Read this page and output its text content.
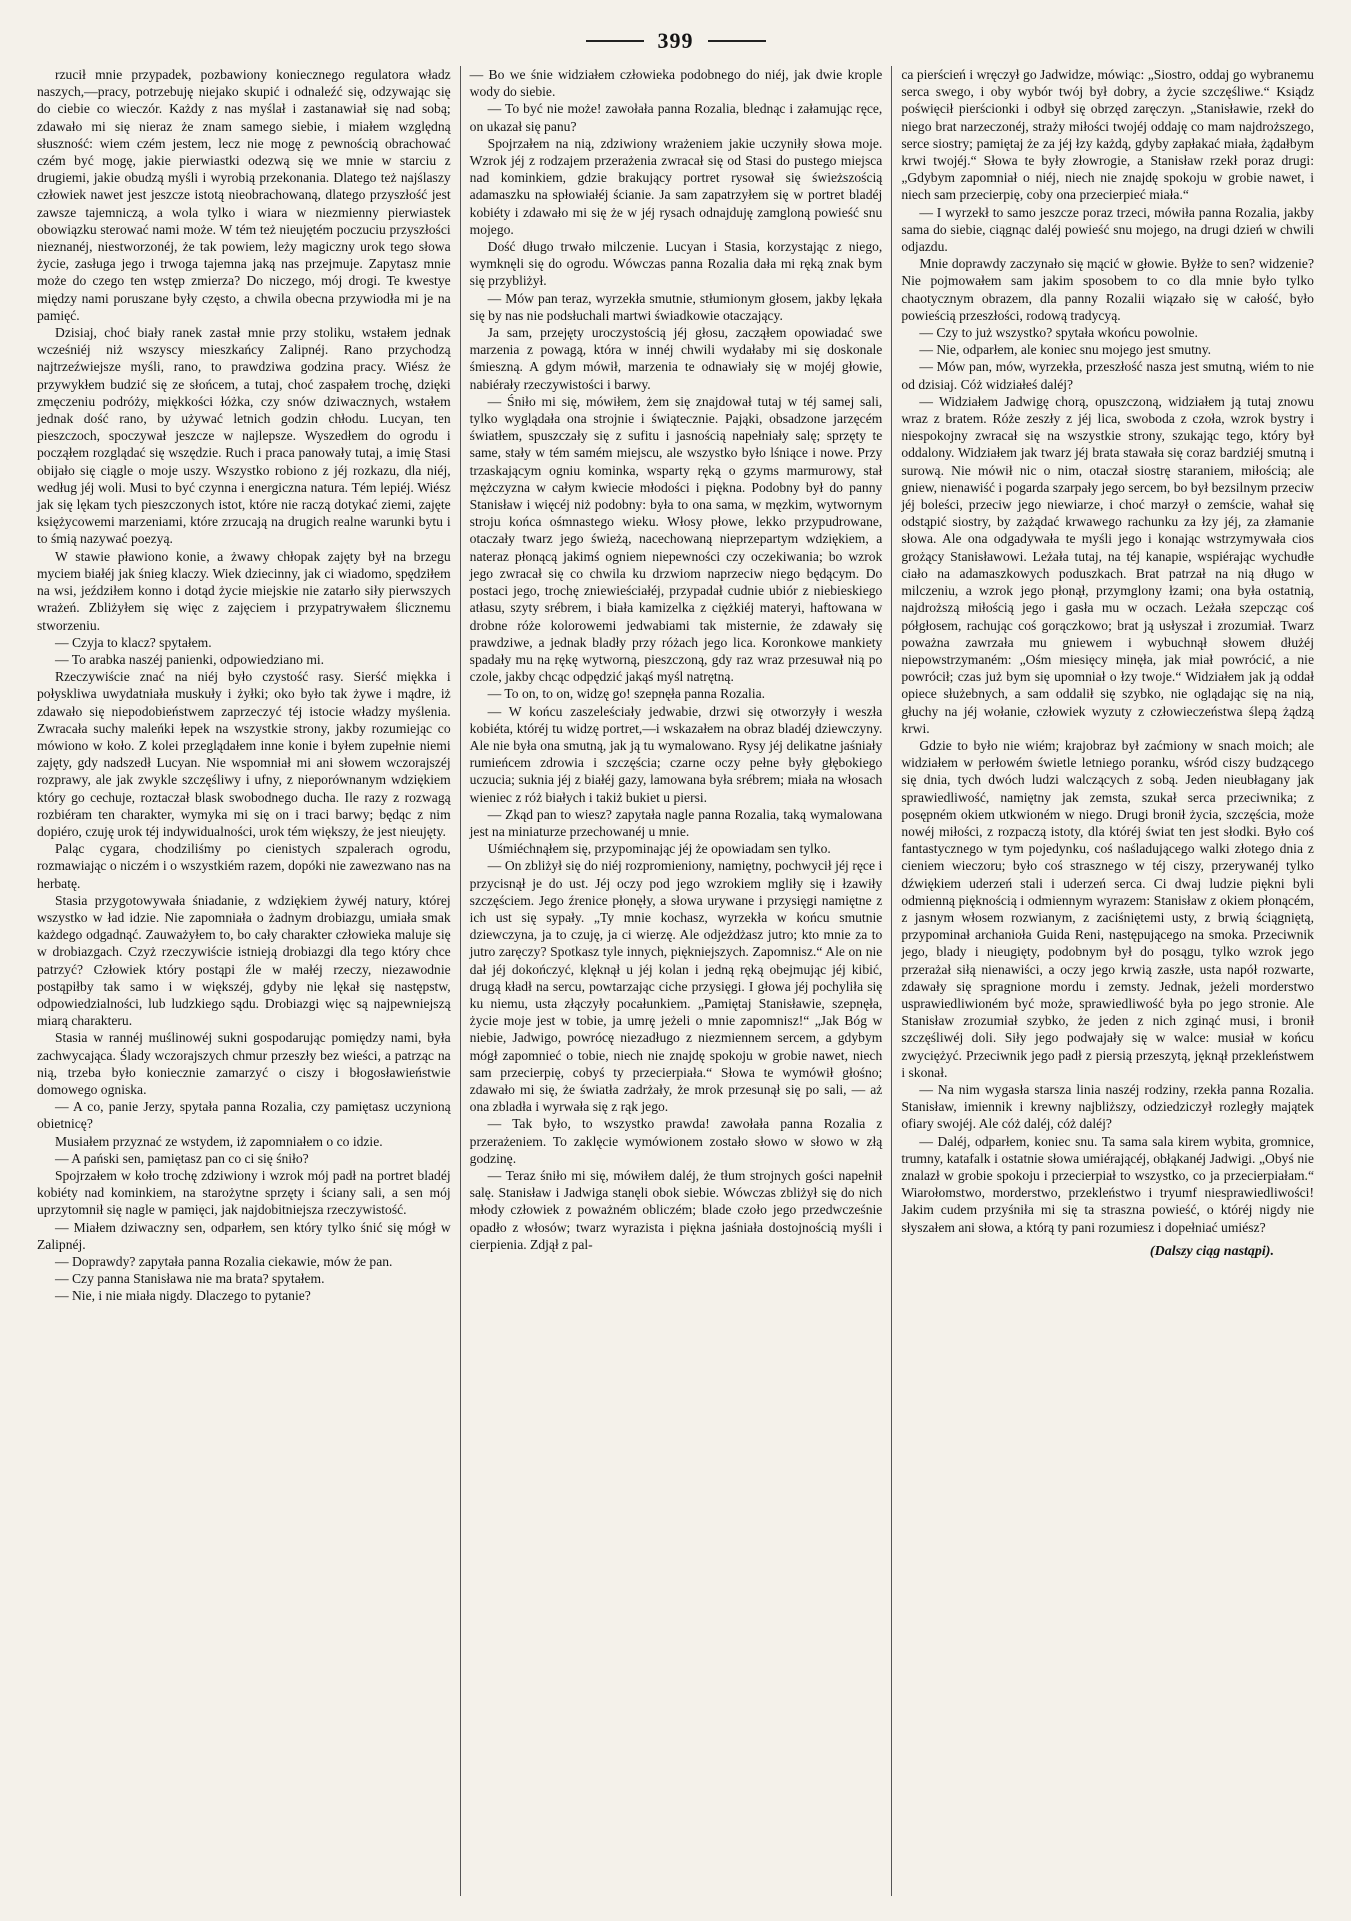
399

rzucił mnie przypadek, pozbawiony koniecznego regulatora władz naszych,—pracy, potrzebuję niejako skupić i odnaleźć się, odzywając się do ciebie co wieczór. Każdy z nas myślał i zastanawiał się nad sobą; zdawało mi się nieraz że znam samego siebie, i miałem względną słuszność: wiem czém jestem, lecz nie mogę z pewnością obrachować czém być mogę, jakie pierwiastki odezwą się we mnie w starciu z drugiemi, jakie obudzą myśli i wyrobią przekonania. Dlatego też najślaszy człowiek nawet jest jeszcze istotą nieobrachowaną, dlatego przyszłość jest zawsze tajemniczą, a wola tylko i wiara w niezmienny pierwiastek obowiązku sterować nami może. W tém też nieujętém poczuciu przyszłości nieznanéj, niestworzonéj, że tak powiem, leży magiczny urok tego słowa życie, zasługa jego i trwoga tajemna jaką nas przejmuje. Zapytasz mnie może do czego ten wstęp zmierza? Do niczego, mój drogi. Te kwestye między nami poruszane były często, a chwila obecna przywiodła mi je na pamięć.

Dzisiaj, choć biały ranek zastał mnie przy stoliku, wstałem jednak wcześniéj niż wszyscy mieszkańcy Zalipnéj. Rano przychodzą najtrzeźwiejsze myśli, rano, to prawdziwa godzina pracy. Wiész że przywykłem budzić się ze słońcem, a tutaj, choć zaspałem trochę, dzięki zmęczeniu podróży, miękkości łóżka, czy snów dziwacznych, wstałem jednak dość rano, by używać letnich godzin chłodu. Lucyan, ten pieszczoch, spoczywał jeszcze w najlepsze. Wyszedłem do ogrodu i począłem rozglądać się wszędzie. Ruch i praca panowały tutaj, a imię Stasi obijało się ciągle o moje uszy. Wszystko robiono z jéj rozkazu, dla niéj, według jéj woli. Musi to być czynna i energiczna natura. Tém lepiéj. Wiész jak się lękam tych pieszczonych istot, które nie raczą dotykać ziemi, zajęte księżycowemi marzeniami, które zrzucają na drugich realne warunki bytu i to śmią nazywać poezyą.

W stawie pławiono konie, a żwawy chłopak zajęty był na brzegu myciem białéj jak śnieg klaczy. Wiek dziecinny, jak ci wiadomo, spędziłem na wsi, jeździłem konno i dotąd życie miejskie nie zatarło siły pierwszych wrażeń. Zbliżyłem się więc z zajęciem i przypatrywałem ślicznemu stworzeniu.

— Czyja to klacz? spytałem.

— To arabka naszéj panienki, odpowiedziano mi.

Rzeczywiście znać na niéj było czystość rasy. Sierść miękka i połyskliwa uwydatniała muskuły i żyłki; oko było tak żywe i mądre, iż zdawało się niepodobieństwem zaprzeczyć téj istocie władzy myślenia. Zwracała suchy maleńki łepek na wszystkie strony, jakby rozumiejąc co mówiono w koło. Z kolei przeglądałem inne konie i byłem zupełnie niemi zajęty, gdy nadszedł Lucyan. Nie wspomniał mi ani słowem wczorajszéj rozprawy, ale jak zwykle szczęśliwy i ufny, z nieporównanym wdziękiem który go cechuje, roztaczał blask swobodnego ducha. Ile razy z rozwagą rozbiéram ten charakter, wymyka mi się on i traci barwy; będąc z nim dopiéro, czuję urok téj indywidualności, urok tém większy, że jest nieujęty.

Paląc cygara, chodziliśmy po cienistych szpalerach ogrodu, rozmawiając o niczém i o wszystkiém razem, dopóki nie zawezwano nas na herbatę.

Stasia przygotowywała śniadanie, z wdziękiem żywéj natury, której wszystko w ład idzie. Nie zapomniała o żadnym drobiazgu, umiała smak każdego odgadnąć. Zauważyłem to, bo cały charakter człowieka maluje się w drobiazgach. Czyż rzeczywiście istnieją drobiazgi dla tego który chce patrzyć? Człowiek który postąpi źle w małéj rzeczy, niezawodnie postąpiłby tak samo i w większéj, gdyby nie lękał się następstw, odpowiedzialności, lub ludzkiego sądu. Drobiazgi więc są najpewniejszą miarą charakteru.

Stasia w rannéj muślinowéj sukni gospodarując pomiędzy nami, była zachwycająca. Ślady wczorajszych chmur przeszły bez wieści, a patrząc na nią, trzeba było koniecznie zamarzyć o ciszy i błogosławieństwie domowego ogniska.

— A co, panie Jerzy, spytała panna Rozalia, czy pamiętasz uczynioną obietnicę?

Musiałem przyznać ze wstydem, iż zapomniałem o co idzie.

— A pański sen, pamiętasz pan co ci się śniło?

Spojrzałem w koło trochę zdziwiony i wzrok mój padł na portret bladéj kobiéty nad kominkiem, na starożytne sprzęty i ściany sali, a sen mój uprzytomnił się nagle w pamięci, jak najdobitniejsza rzeczywistość.

— Miałem dziwaczny sen, odparłem, sen który tylko śnić się mógł w Zalipnéj.

— Doprawdy? zapytała panna Rozalia ciekawie, mów że pan.

— Czy panna Stanisława nie ma brata? spytałem.

— Nie, i nie miała nigdy. Dlaczego to pytanie?

— Bo we śnie widziałem człowieka podobnego do niéj, jak dwie krople wody do siebie.

— To być nie może! zawołała panna Rozalia, blednąc i załamując ręce, on ukazał się panu?

Spojrzałem na nią, zdziwiony wrażeniem jakie uczyniły słowa moje. Wzrok jéj z rodzajem przerażenia zwracał się od Stasi do pustego miejsca nad kominkiem, gdzie brakujący portret rysował się świeższością adamaszku na spłowiałéj ścianie. Ja sam zapatrzyłem się w portret bladéj kobiéty i zdawało mi się że w jéj rysach odnajduję zamgloną powieść snu mojego.

Dość długo trwało milczenie. Lucyan i Stasia, korzystając z niego, wymknęli się do ogrodu. Wówczas panna Rozalia dała mi ręką znak bym się przybliżył.

— Mów pan teraz, wyrzekła smutnie, stłumionym głosem, jakby lękała się by nas nie podsłuchali martwi świadkowie otaczający.

Ja sam, przejęty uroczystością jéj głosu, zacząłem opowiadać swe marzenia z powagą, która w innéj chwili wydałaby mi się doskonale śmieszną. A gdym mówił, marzenia te odnawiały się w mojéj głowie, nabiérały rzeczywistości i barwy.

— Śniło mi się, mówiłem, żem się znajdował tutaj w téj samej sali, tylko wyglądała ona strojnie i świątecznie. Pająki, obsadzone jarzęcém światłem, spuszczały się z sufitu i jasnością napełniały salę; sprzęty te same, stały w tém samém miejscu, ale wszystko było lśniące i nowe. Przy trzaskającym ogniu kominka, wsparty ręką o gzyms marmurowy, stał mężczyzna w całym kwiecie młodości i piękna. Podobny był do panny Stanisław i więcéj niż podobny: była to ona sama, w męzkim, wytwornym stroju końca ośmnastego wieku. Włosy płowe, lekko przypudrowane, otaczały twarz jego świeżą, nacechowaną nieprzepartym wdziękiem, a nateraz płonącą jakimś ogniem niepewności czy oczekiwania; bo wzrok jego zwracał się co chwila ku drzwiom naprzeciw niego będącym. Do postaci jego, trochę zniewieściałéj, przypadał cudnie ubiór z niebieskiego atłasu, szyty srébrem, i biała kamizelka z ciężkiéj materyi, haftowana w drobne róże kolorowemi jedwabiami tak misternie, że zdawały się prawdziwe, a jednak bladły przy różach jego lica. Koronkowe mankiety spadały mu na rękę wytworną, pieszczoną, gdy raz wraz przesuwał nią po czole, jakby chcąc odpędzić jakąś myśl natrętną.

— To on, to on, widzę go! szepnęła panna Rozalia.

— W końcu zaszeleściały jedwabie, drzwi się otworzyły i weszła kobiéta, któréj tu widzę portret,—i wskazałem na obraz bladéj dziewczyny. Ale nie była ona smutną, jak ją tu wymalowano. Rysy jéj delikatne jaśniały rumieńcem zdrowia i szczęścia; czarne oczy pełne były głębokiego uczucia; suknia jéj z białéj gazy, lamowana była srébrem; miała na włosach wieniec z róż białych i takiż bukiet u piersi.

— Zkąd pan to wiesz? zapytała nagle panna Rozalia, taką wymalowana jest na miniaturze przechowanéj u mnie.

Uśmiéchnąłem się, przypominając jéj że opowiadam sen tylko.

— On zbliżył się do niéj rozpromieniony, namiętny, pochwycił jéj ręce i przycisnął je do ust. Jéj oczy pod jego wzrokiem mgliły się i łzawiły szczęściem. Jego źrenice płonęły, a słowa urywane i przysięgi namiętne z ich ust się sypały. „Ty mnie kochasz, wyrzekła w końcu smutnie dziewczyna, ja to czuję, ja ci wierzę. Ale odjeżdżasz jutro; kto mnie za to jutro zaręczy? Spotkasz tyle innych, piękniejszych. Zapomnisz.“ Ale on nie dał jéj dokończyć, klęknął u jéj kolan i jedną ręką obejmując jéj kibić, drugą kładł na sercu, powtarzając ciche przysięgi. I głowa jéj pochyliła się ku niemu, usta złączyły pocałunkiem. „Pamiętaj Stanisławie, szepnęła, życie moje jest w tobie, ja umrę jeżeli o mnie zapomnisz!“ „Jak Bóg w niebie, Jadwigo, powrócę niezadługo z niezmiennem sercem, a gdybym mógł zapomnieć o tobie, niech nie znajdę spokoju w grobie nawet, niech sam przecierpię, cobyś ty przecierpiała.“ Słowa te wymówił głośno; zdawało mi się, że światła zadrżały, że mrok przesunął się po sali, — aż ona zbladła i wyrwała się z rąk jego.

— Tak było, to wszystko prawda! zawołała panna Rozalia z przerażeniem. To zaklęcie wymówionem zostało słowo w słowo w złą godzinę.

— Teraz śniło mi się, mówiłem daléj, że tłum strojnych gości napełnił salę. Stanisław i Jadwiga stanęli obok siebie. Wówczas zbliżył się do nich młody człowiek z poważném obliczém; blade czoło jego przedwcześnie opadło z włosów; twarz wyrazista i piękna jaśniała dostojnością myśli i cierpienia. Zdjął z pal-

ca pierścień i wręczył go Jadwidze, mówiąc: „Siostro, oddaj go wybranemu serca swego, i oby wybór twój był dobry, a życie szczęśliwe.“ Ksiądz poświęcił pierścionki i odbył się obrzęd zaręczyn. „Stanisławie, rzekł do niego brat narzeczonéj, straży miłości twojéj oddaję co mam najdroższego, serce siostry; pamiętaj że za jéj łzy każdą, gdyby zapłakać miała, żądałbym krwi twojéj.“ Słowa te były złowrogie, a Stanisław rzekł poraz drugi: „Gdybym zapomniał o niéj, niech nie znajdę spokoju w grobie nawet, i niech sam przecierpię, coby ona przecierpieć miała.“

— I wyrzekł to samo jeszcze poraz trzeci, mówiła panna Rozalia, jakby sama do siebie, ciągnąc daléj powieść snu mojego, na drugi dzień w chwili odjazdu.

Mnie doprawdy zaczynało się mącić w głowie. Byłże to sen? widzenie? Nie pojmowałem sam jakim sposobem to co dla mnie było tylko chaotycznym obrazem, dla panny Rozalii wiązało się w całość, było powieścią przeszłości, rodową tradycyą.

— Czy to już wszystko? spytała wkońcu powolnie.

— Nie, odparłem, ale koniec snu mojego jest smutny.

— Mów pan, mów, wyrzekła, przeszłość nasza jest smutną, wiém to nie od dzisiaj. Cóż widziałeś daléj?

— Widziałem Jadwigę chorą, opuszczoną, widziałem ją tutaj znowu wraz z bratem. Róże zeszły z jéj lica, swoboda z czoła, wzrok bystry i niespokojny zwracał się na wszystkie strony, szukając tego, który był oddalony. Widziałem jak twarz jéj brata stawała się coraz bardziéj smutną i surową. Nie mówił nic o nim, otaczał siostrę staraniem, miłością; ale gniew, nienawiść i pogarda szarpały jego sercem, bo był bezsilnym przeciw jéj boleści, przeciw jego niewiarze, i choć marzył o zemście, wahał się odstąpić siostry, by zażądać krwawego rachunku za łzy jéj, za złamanie słowa. Ale ona odgadywała te myśli jego i konając wstrzymywała cios grożący Stanisławowi. Leżała tutaj, na téj kanapie, wspiérając wychudłe ciało na adamaszkowych poduszkach. Brat patrzał na nią długo w milczeniu, a wzrok jego płonął, przymglony łzami; ona była ostatnią, najdroższą miłością jego i gasła mu w oczach. Leżała szepcząc coś półgłosem, rachując coś gorączkowo; brat ją usłyszał i zrozumiał. Twarz poważna zawrzała mu gniewem i wybuchnął słowem dłużéj niepowstrzymaném: „Ośm miesięcy minęła, jak miał powrócić, a nie powrócił; czas już bym się upomniał o łzy twoje.“ Widziałem jak ją oddał opiece służebnych, a sam oddalił się szybko, nie oglądając się na nią, głuchy na jéj wołanie, człowiek wyzuty z człowieczeństwa ślepą żądzą krwi.

Gdzie to było nie wiém; krajobraz był zaćmiony w snach moich; ale widziałem w perłowém świetle letniego poranku, wśród ciszy budzącego się dnia, tych dwóch ludzi walczących z sobą. Jeden nieubłagany jak sprawiedliwość, namiętny jak zemsta, szukał serca przeciwnika; z posępném okiem utkwioném w niego. Drugi bronił życia, szczęścia, może nowéj miłości, z rozpaczą istoty, dla któréj świat ten jest słodki. Było coś fantastycznego w tym pojedynku, coś naśladującego walki złotego dnia z cieniem wieczoru; było coś strasznego w téj ciszy, przerywanéj tylko dźwiękiem uderzeń stali i uderzeń serca. Ci dwaj ludzie piękni byli odmienną pięknością i odmiennym wyrazem: Stanisław z okiem płonącém, z jasnym włosem rozwianym, z zaciśniętemi usty, z brwią ściągniętą, przypominał archanioła Guida Reni, następującego na smoka. Przeciwnik jego, blady i nieugięty, podobnym był do posągu, tylko wzrok jego przerażał siłą nienawiści, a oczy jego krwią zaszłe, usta napół rozwarte, zdawały się spragnione mordu i zemsty. Jednak, jeżeli morderstwo usprawiedliwioném być może, sprawiedliwość była po jego stronie. Ale Stanisław zrozumiał szybko, że jeden z nich zginąć musi, i bronił szczęśliwéj doli. Siły jego podwajały się w walce: musiał w końcu zwyciężyć. Przeciwnik jego padł z piersią przeszytą, jęknął przekleństwem i skonał.

— Na nim wygasła starsza linia naszéj rodziny, rzekła panna Rozalia. Stanisław, imiennik i krewny najbliższy, odziedziczył rozległy majątek ofiary swojéj. Ale cóż daléj, cóż daléj?

— Daléj, odparłem, koniec snu. Ta sama sala kirem wybita, gromnice, trumny, katafalk i ostatnie słowa umiérającéj, obłąkanéj Jadwigi. „Obyś nie znalazł w grobie spokoju i przecierpiał to wszystko, co ja przecierpiałam.“ Wiarołomstwo, morderstwo, przekleństwo i tryumf niesprawiedliwości! Jakim cudem przyśniła mi się ta straszna powieść, o któréj nigdy nie słyszałem ani słowa, a którą ty pani rozumiesz i dopełniać umiész?

(Dalszy ciąg nastąpi).
